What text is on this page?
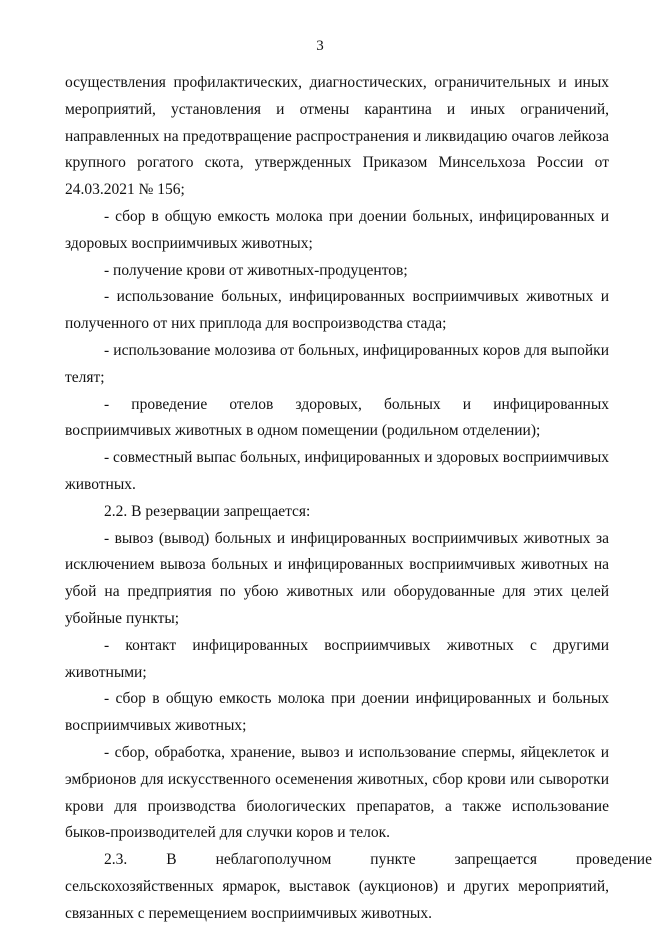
3

осуществления профилактических, диагностических, ограничительных и иных мероприятий, установления и отмены карантина и иных ограничений, направленных на предотвращение распространения и ликвидацию очагов лейкоза крупного рогатого скота, утвержденных Приказом Минсельхоза России от 24.03.2021 № 156;

- сбор в общую емкость молока при доении больных, инфицированных и здоровых восприимчивых животных;

- получение крови от животных-продуцентов;

- использование больных, инфицированных восприимчивых животных и полученного от них приплода для воспроизводства стада;

- использование молозива от больных, инфицированных коров для выпойки телят;

- проведение отелов здоровых, больных и инфицированных восприимчивых животных в одном помещении (родильном отделении);

- совместный выпас больных, инфицированных и здоровых восприимчивых животных.

2.2. В резервации запрещается:

- вывоз (вывод) больных и инфицированных восприимчивых животных за исключением вывоза больных и инфицированных восприимчивых животных на убой на предприятия по убою животных или оборудованные для этих целей убойные пункты;

- контакт инфицированных восприимчивых животных с другими животными;

- сбор в общую емкость молока при доении инфицированных и больных восприимчивых животных;

- сбор, обработка, хранение, вывоз и использование спермы, яйцеклеток и эмбрионов для искусственного осеменения животных, сбор крови или сыворотки крови для производства биологических препаратов, а также использование быков-производителей для случки коров и телок.

2.3.	В	неблагополучном	пункте	запрещается	проведение

сельскохозяйственных ярмарок, выставок (аукционов) и других мероприятий, связанных с перемещением восприимчивых животных.
